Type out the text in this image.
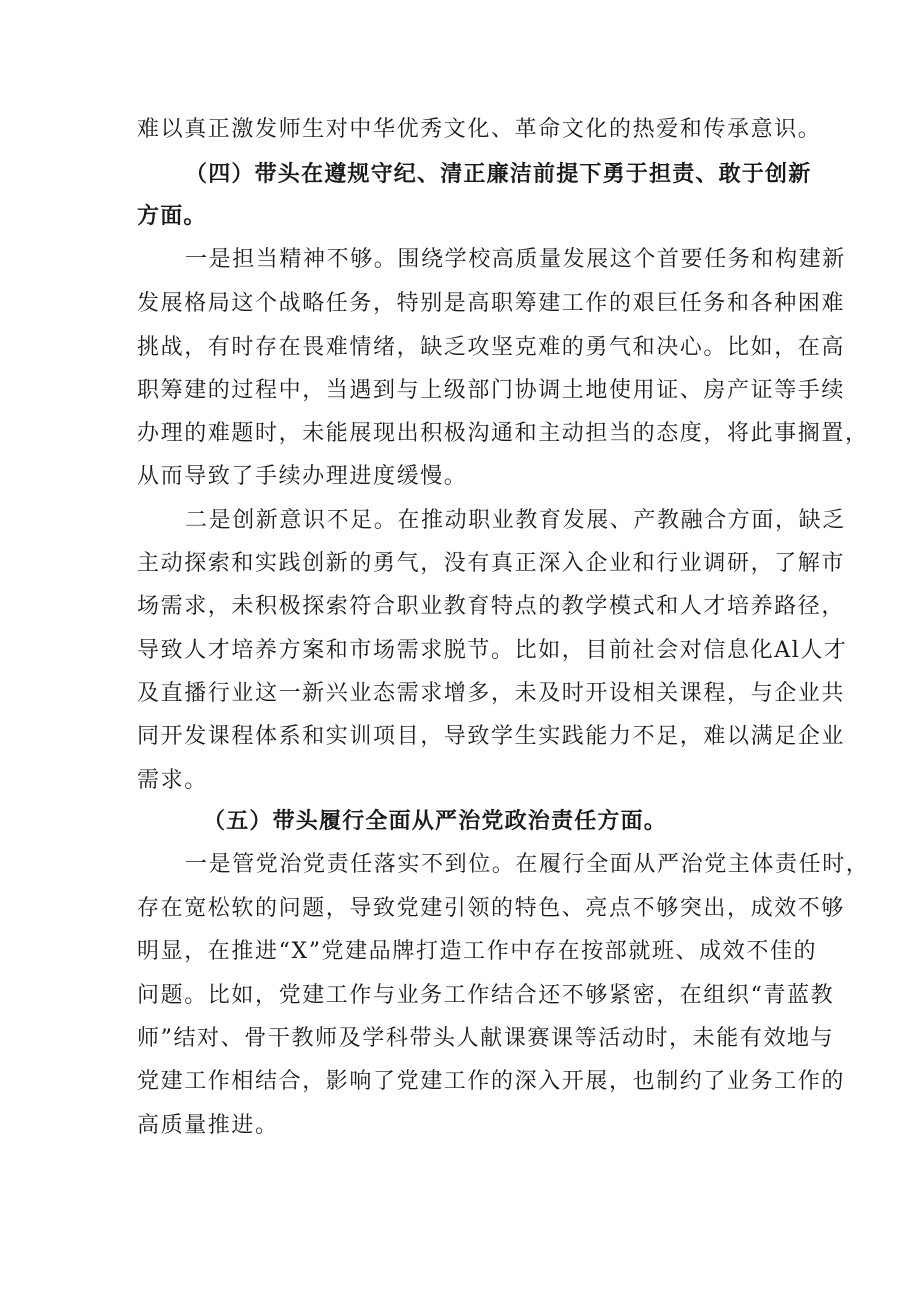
难以真正激发师生对中华优秀文化、革命文化的热爱和传承意识。
（四）带头在遵规守纪、清正廉洁前提下勇于担责、敢于创新
方面。
一是担当精神不够。围绕学校高质量发展这个首要任务和构建新
发展格局这个战略任务，特别是高职筹建工作的艰巨任务和各种困难
挑战，有时存在畏难情绪，缺乏攻坚克难的勇气和决心。比如，在高
职筹建的过程中，当遇到与上级部门协调土地使用证、房产证等手续
办理的难题时，未能展现出积极沟通和主动担当的态度，将此事搁置，
从而导致了手续办理进度缓慢。
二是创新意识不足。在推动职业教育发展、产教融合方面，缺乏
主动探索和实践创新的勇气，没有真正深入企业和行业调研，了解市
场需求，未积极探索符合职业教育特点的教学模式和人才培养路径，
导致人才培养方案和市场需求脱节。比如，目前社会对信息化Al人才
及直播行业这一新兴业态需求增多，未及时开设相关课程，与企业共
同开发课程体系和实训项目，导致学生实践能力不足，难以满足企业
需求。
（五）带头履行全面从严治党政治责任方面。
一是管党治党责任落实不到位。在履行全面从严治党主体责任时，
存在宽松软的问题，导致党建引领的特色、亮点不够突出，成效不够
明显，在推进“X”党建品牌打造工作中存在按部就班、成效不佳的
问题。比如，党建工作与业务工作结合还不够紧密，在组织“青蓝教
师”结对、骨干教师及学科带头人献课赛课等活动时，未能有效地与
党建工作相结合，影响了党建工作的深入开展，也制约了业务工作的
高质量推进。
